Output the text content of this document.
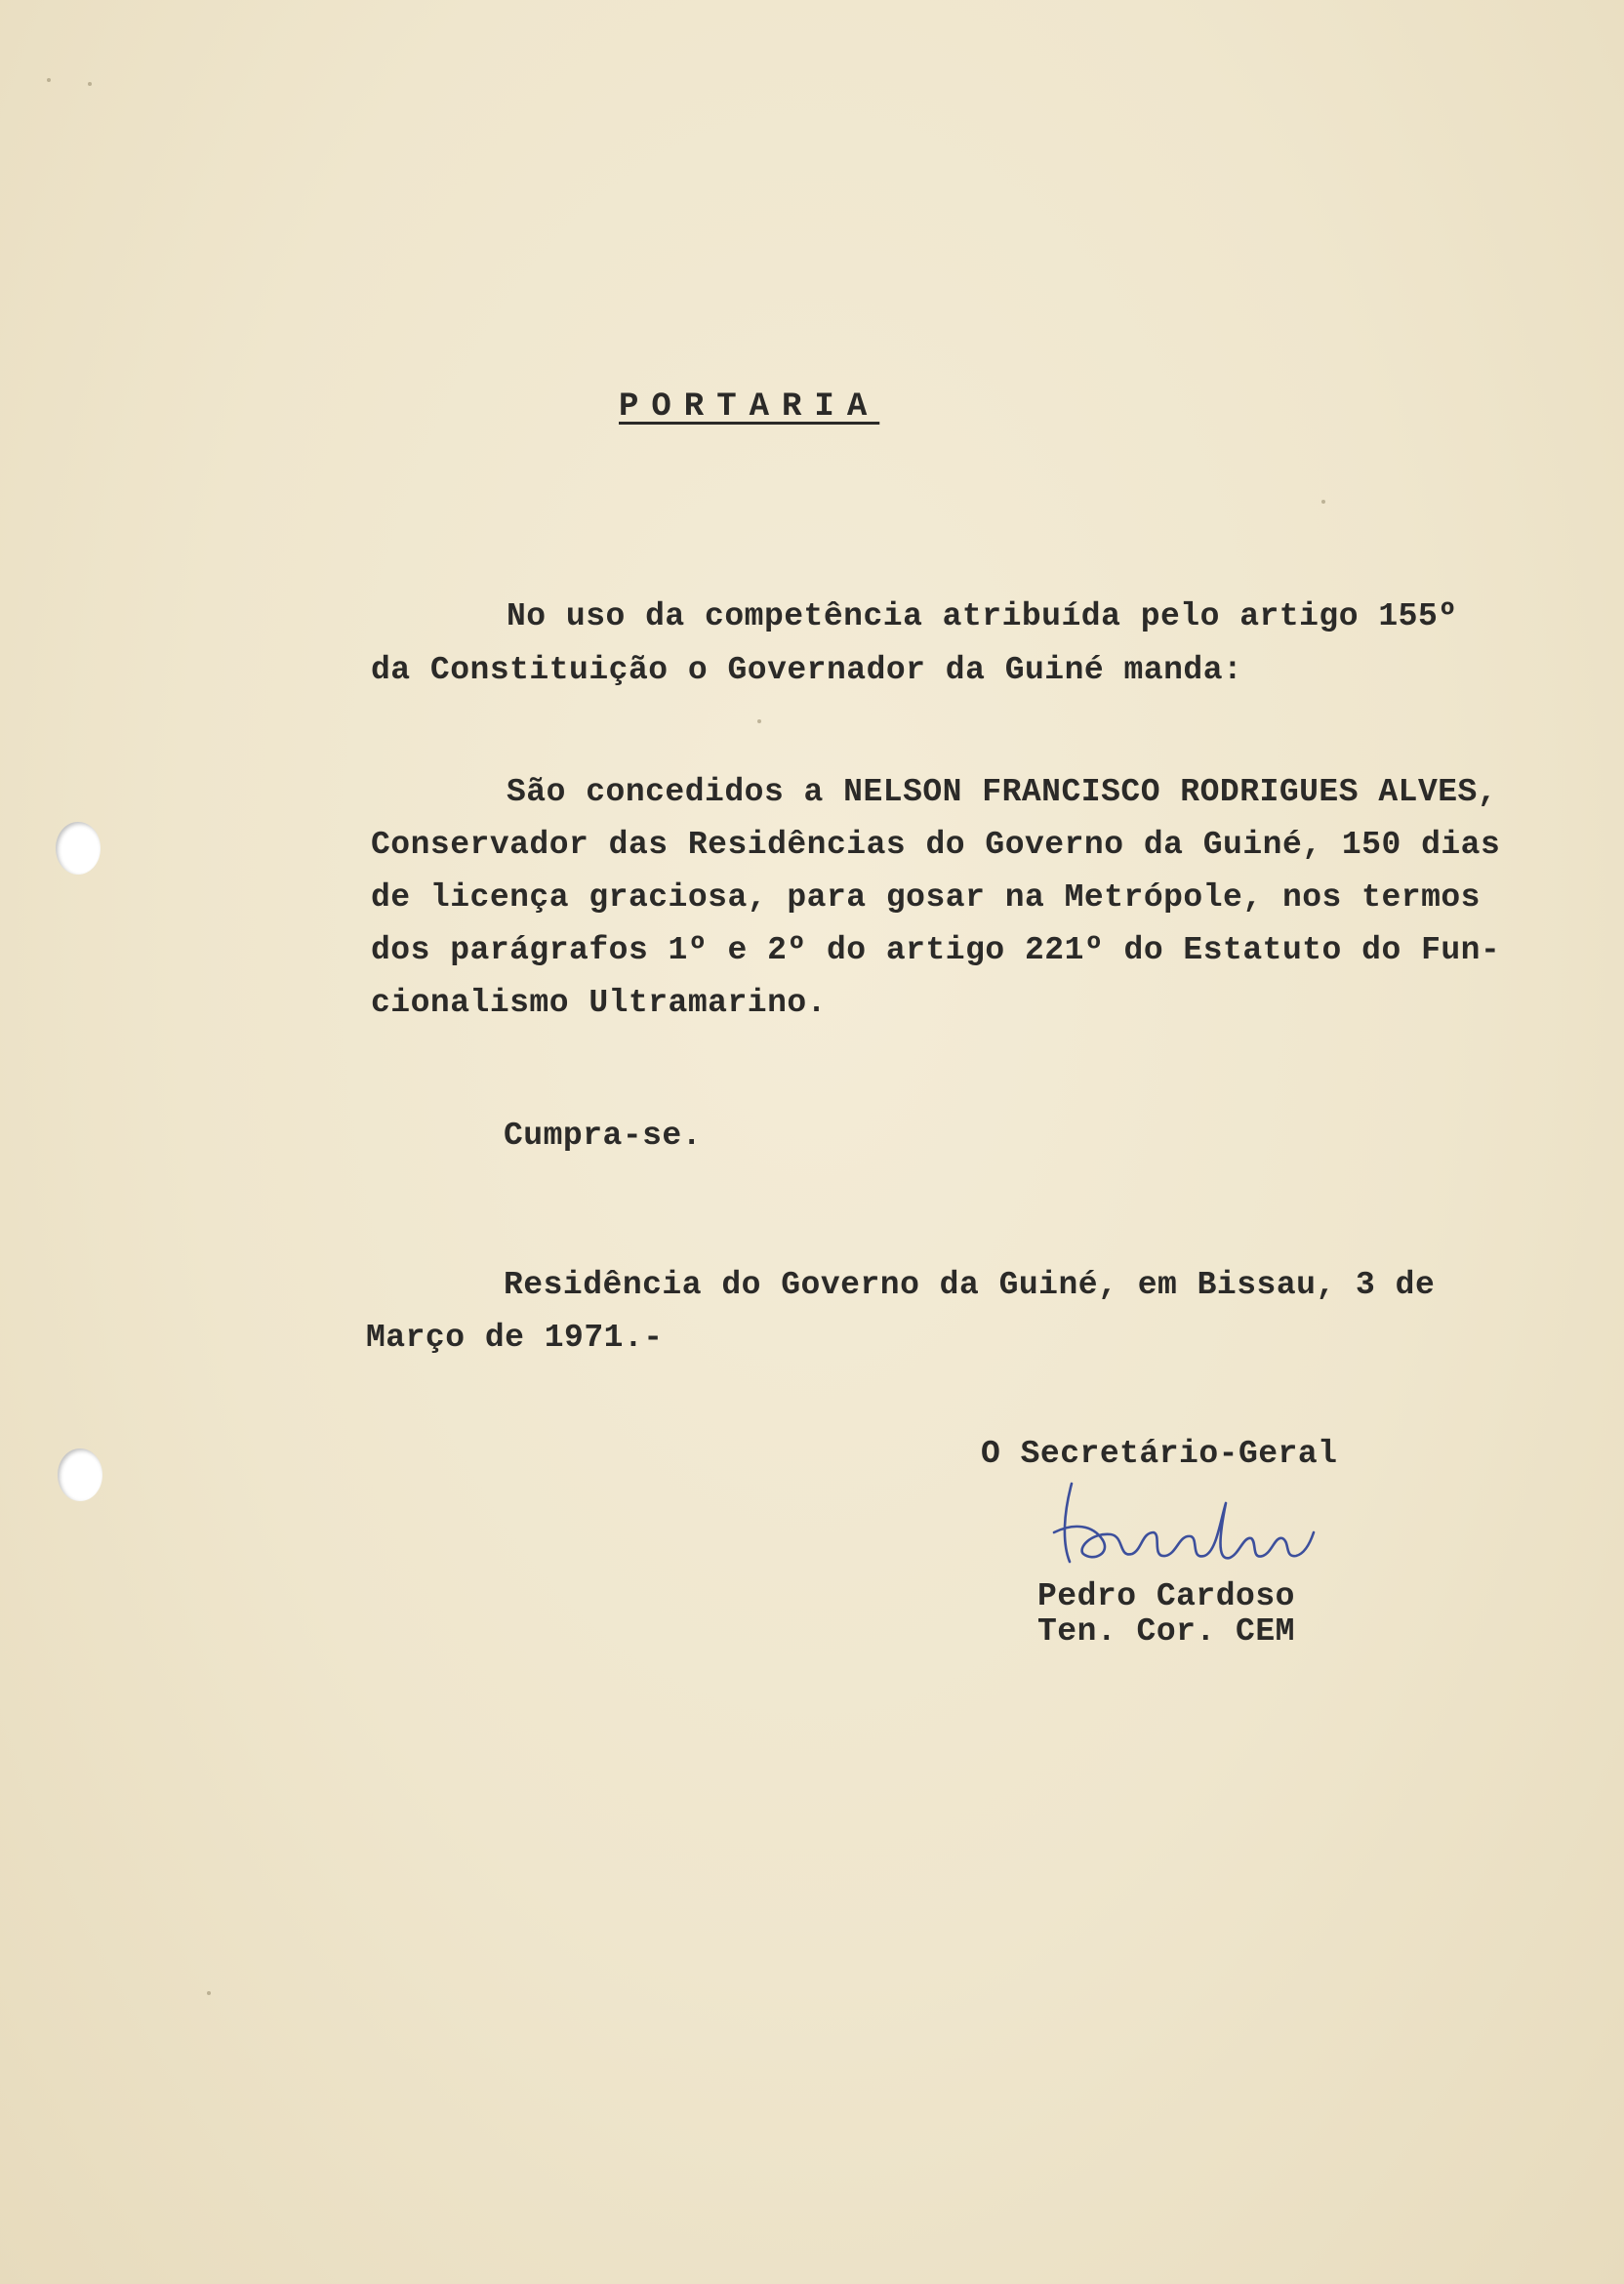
PORTARIA
No uso da competência atribuída pelo artigo 155º
da Constituição o Governador da Guiné manda:
São concedidos a NELSON FRANCISCO RODRIGUES ALVES,
Conservador das Residências do Governo da Guiné, 150 dias
de licença graciosa, para gosar na Metrópole, nos termos
dos parágrafos 1º e 2º do artigo 221º do Estatuto do Fun-
cionalismo Ultramarino.
Cumpra-se.
Residência do Governo da Guiné, em Bissau, 3 de
Março de 1971.-
O Secretário-Geral
Pedro Cardoso
Ten. Cor. CEM
